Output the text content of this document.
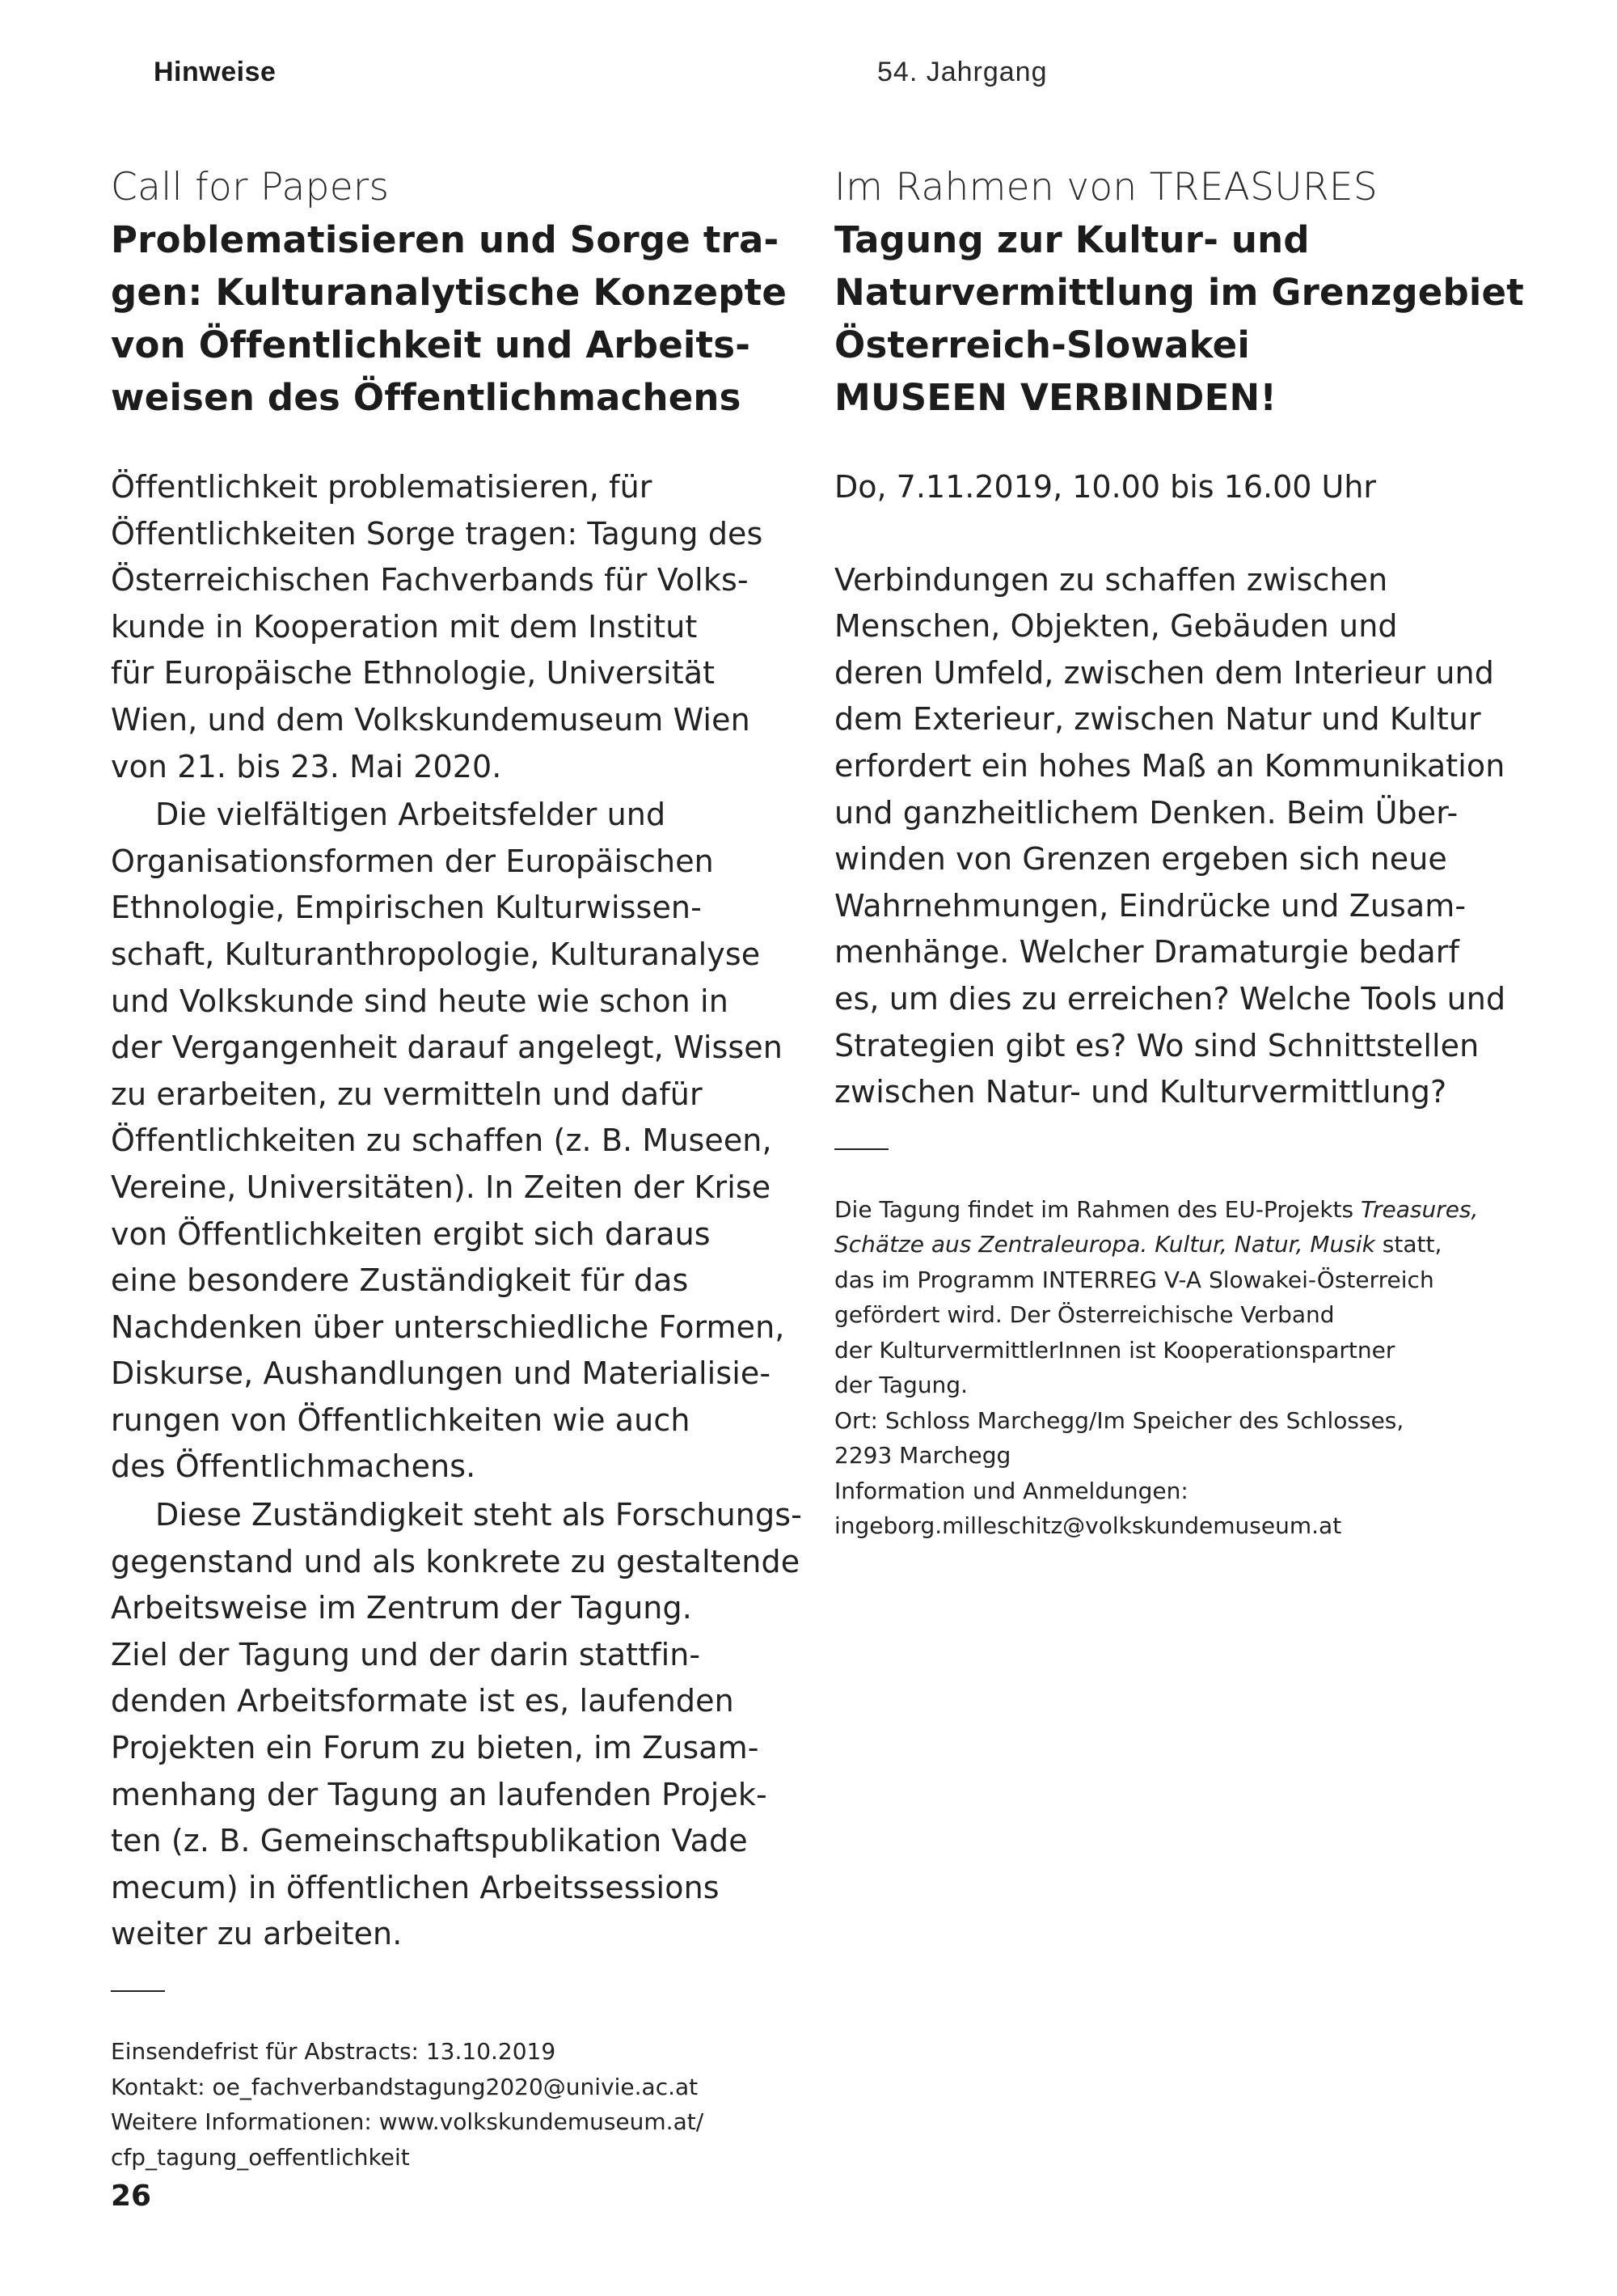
Hinweise	54. Jahrgang

Call for Papers

Problematisieren und Sorge tra-
gen: Kulturanalytische Konzepte
von Öffentlichkeit und Arbeits-
weisen des Öffentlichmachens

Öffentlichkeit problematisieren, für
Öffentlichkeiten Sorge tragen: Tagung des
Österreichischen Fachverbands für Volks-
kunde in Kooperation mit dem Institut
für Europäische Ethnologie, Universität
Wien, und dem Volkskundemuseum Wien
von 21. bis 23. Mai 2020.

Die vielfältigen Arbeitsfelder und
Organisationsformen der Europäischen
Ethnologie, Empirischen Kulturwissen-
schaft, Kulturanthropologie, Kulturanalyse
und Volkskunde sind heute wie schon in
der Vergangenheit darauf angelegt, Wissen
zu erarbeiten, zu vermitteln und dafür
Öffentlichkeiten zu schaffen (z. B. Museen,
Vereine, Universitäten). In Zeiten der Krise
von Öffentlichkeiten ergibt sich daraus
eine besondere Zuständigkeit für das
Nachdenken über unterschiedliche Formen,
Diskurse, Aushandlungen und Materialisie-
rungen von Öffentlichkeiten wie auch
des Öffentlichmachens.

Diese Zuständigkeit steht als Forschungs-
gegenstand und als konkrete zu gestaltende
Arbeitsweise im Zentrum der Tagung.
Ziel der Tagung und der darin stattfin-
denden Arbeitsformate ist es, laufenden
Projekten ein Forum zu bieten, im Zusam-
menhang der Tagung an laufenden Projek-
ten (z. B. Gemeinschaftspublikation Vade
mecum) in öffentlichen Arbeitssessions
weiter zu arbeiten.

Einsendefrist für Abstracts: 13.10.2019
Kontakt: oe_fachverbandstagung2020@univie.ac.at
Weitere Informationen: www.volkskundemuseum.at/
cfp_tagung_oeffentlichkeit

Im Rahmen von TREASURES

Tagung zur Kultur- und
Naturvermittlung im Grenzgebiet
Österreich-Slowakei
MUSEEN VERBINDEN!
Do, 7.11.2019, 10.00 bis 16.00 Uhr
Verbindungen zu schaffen zwischen
Menschen, Objekten, Gebäuden und
deren Umfeld, zwischen dem Interieur und
dem Exterieur, zwischen Natur und Kultur
erfordert ein hohes Maß an Kommunikation
und ganzheitlichem Denken. Beim Über-
winden von Grenzen ergeben sich neue
Wahrnehmungen, Eindrücke und Zusam-
menhänge. Welcher Dramaturgie bedarf
es, um dies zu erreichen? Welche Tools und
Strategien gibt es? Wo sind Schnittstellen
zwischen Natur- und Kulturvermittlung?
Die Tagung findet im Rahmen des EU-Projekts Treasures,
Schätze aus Zentraleuropa. Kultur, Natur, Musik statt,
das im Programm INTERREG V-A Slowakei-Österreich
gefördert wird. Der Österreichische Verband
der KulturvermittlerInnen ist Kooperationspartner
der Tagung.
Ort: Schloss Marchegg/Im Speicher des Schlosses,
2293 Marchegg
Information und Anmeldungen:
ingeborg.milleschitz@volkskundemuseum.at
26
